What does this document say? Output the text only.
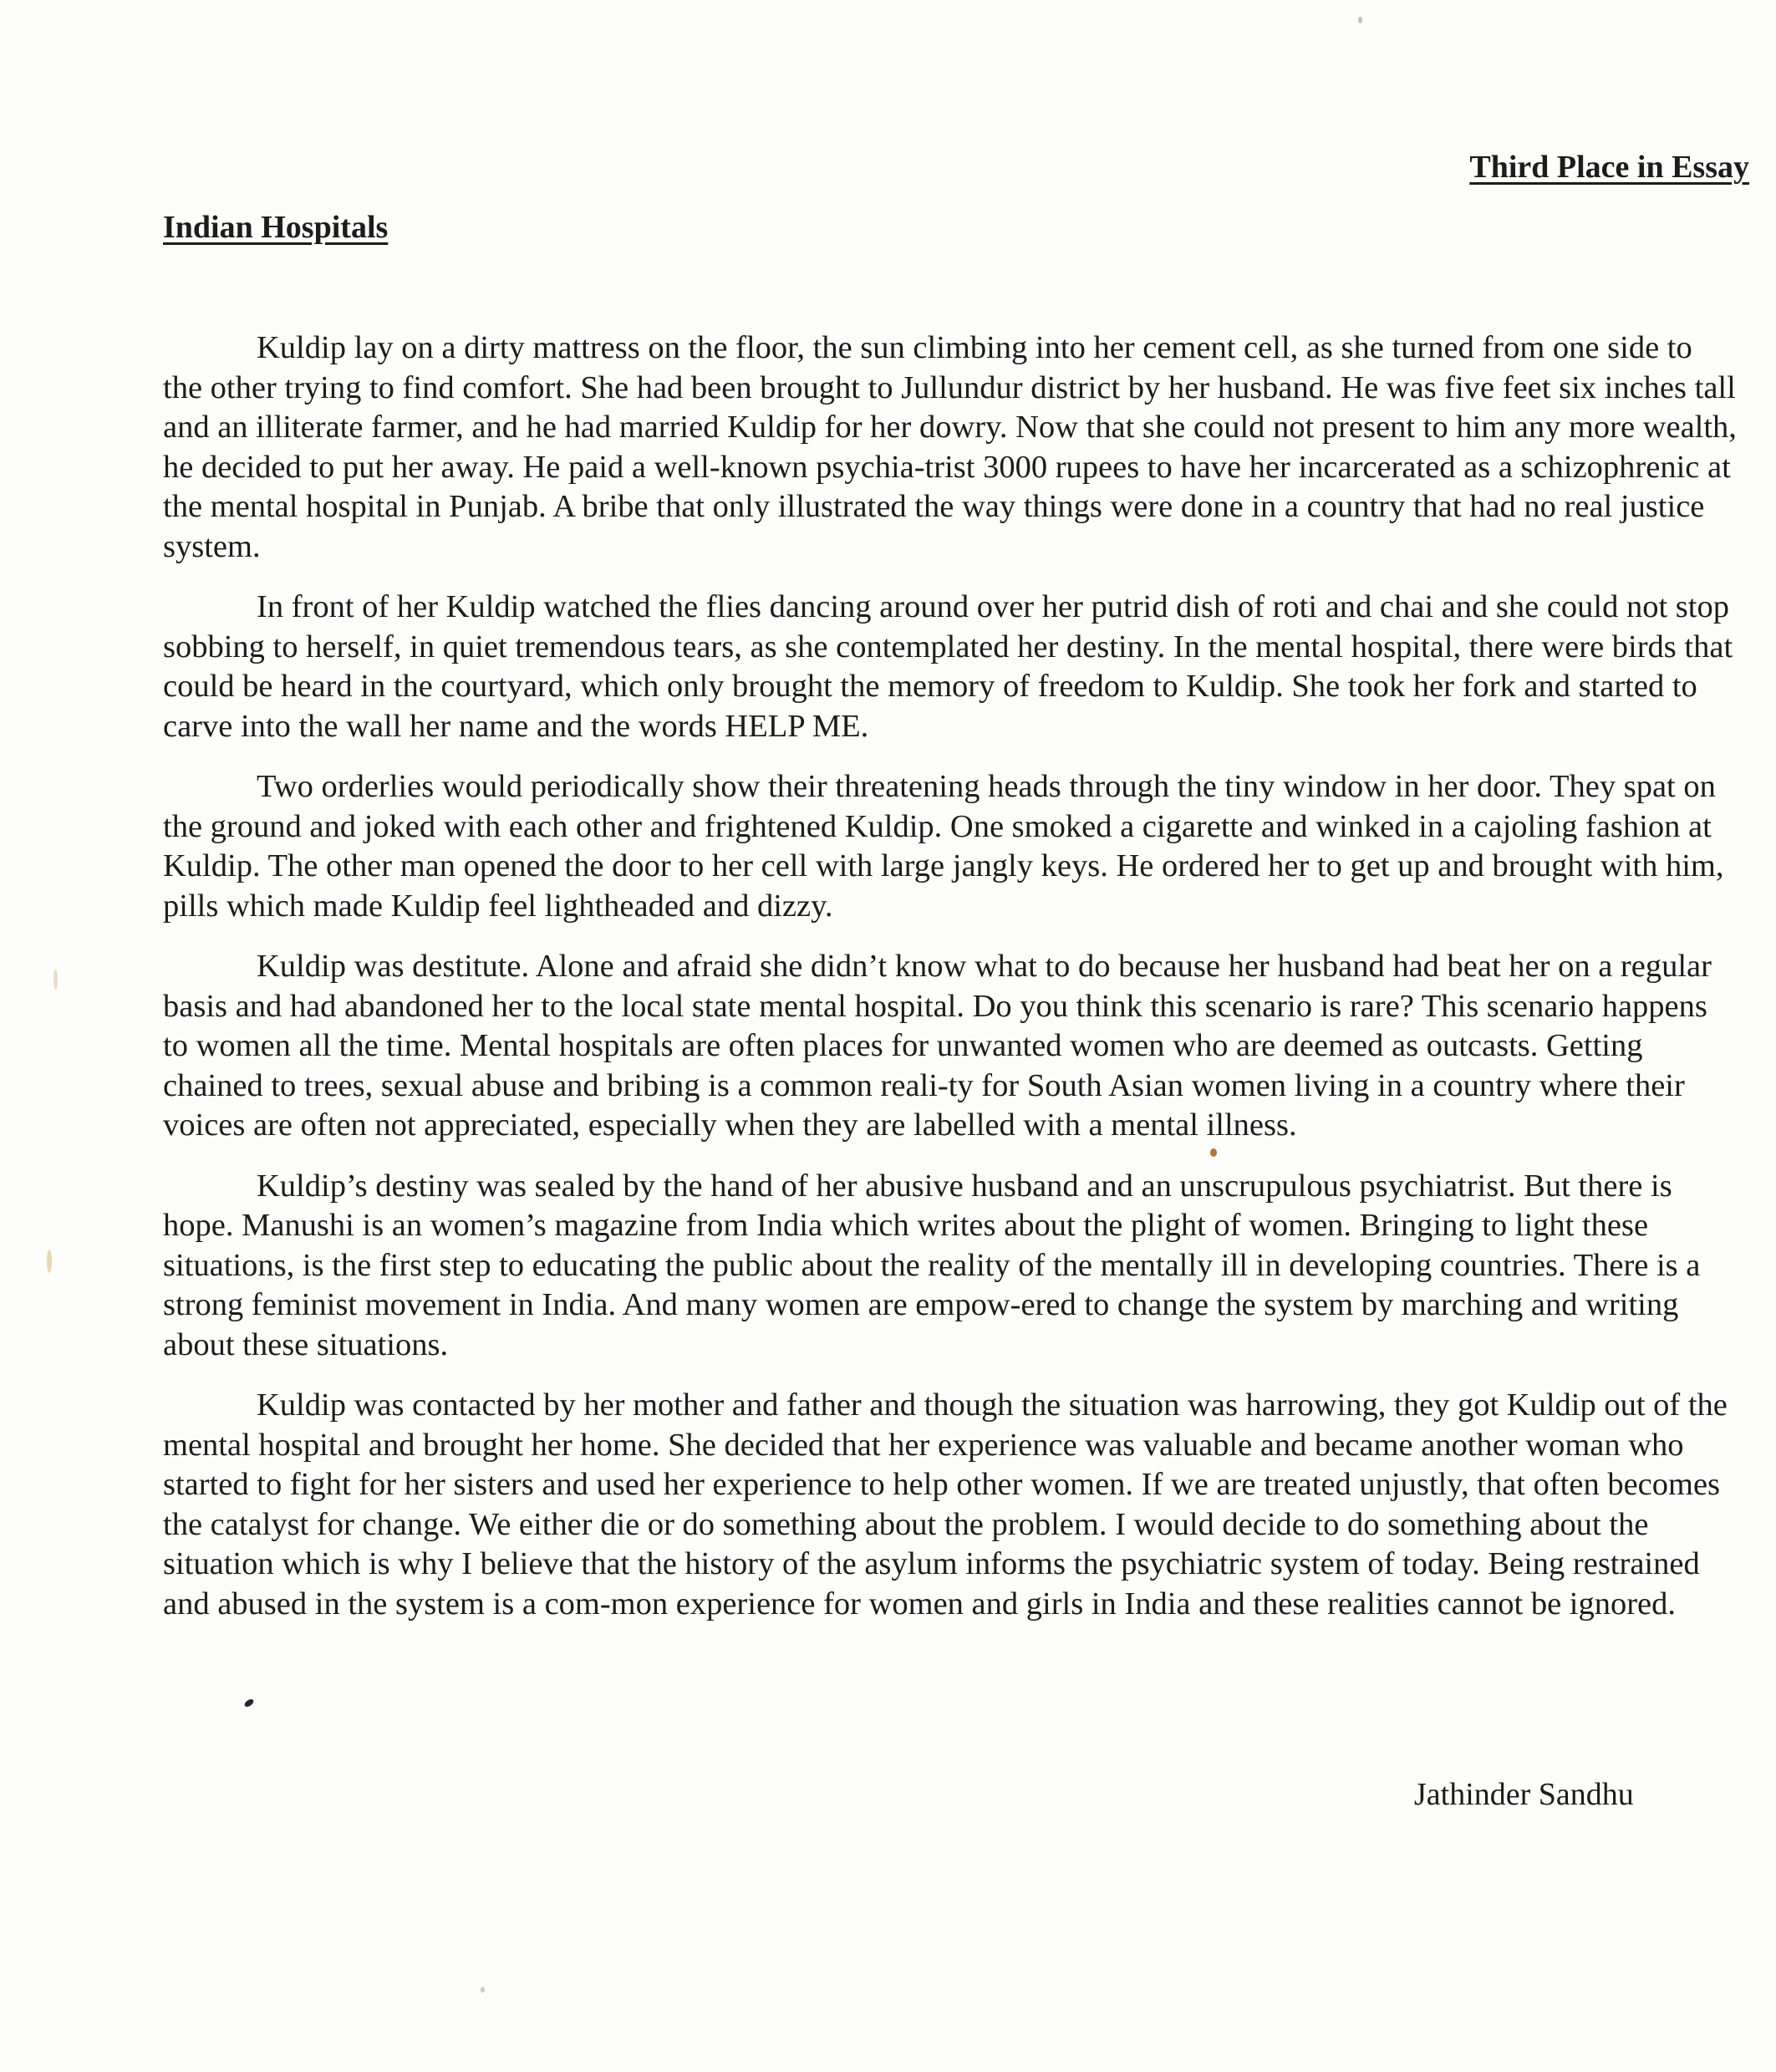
Third Place in Essay
Indian Hospitals

Kuldip lay on a dirty mattress on the floor, the sun climbing into her cement cell, as she turned from one side to the other trying to find comfort. She had been brought to Jullundur district by her husband. He was five feet six inches tall and an illiterate farmer, and he had married Kuldip for her dowry. Now that she could not present to him any more wealth, he decided to put her away. He paid a well-known psychia-trist 3000 rupees to have her incarcerated as a schizophrenic at the mental hospital in Punjab. A bribe that only illustrated the way things were done in a country that had no real justice system.

In front of her Kuldip watched the flies dancing around over her putrid dish of roti and chai and she could not stop sobbing to herself, in quiet tremendous tears, as she contemplated her destiny. In the mental hospital, there were birds that could be heard in the courtyard, which only brought the memory of freedom to Kuldip. She took her fork and started to carve into the wall her name and the words HELP ME.

Two orderlies would periodically show their threatening heads through the tiny window in her door. They spat on the ground and joked with each other and frightened Kuldip. One smoked a cigarette and winked in a cajoling fashion at Kuldip. The other man opened the door to her cell with large jangly keys. He ordered her to get up and brought with him, pills which made Kuldip feel lightheaded and dizzy.

Kuldip was destitute. Alone and afraid she didn’t know what to do because her husband had beat her on a regular basis and had abandoned her to the local state mental hospital. Do you think this scenario is rare? This scenario happens to women all the time. Mental hospitals are often places for unwanted women who are deemed as outcasts. Getting chained to trees, sexual abuse and bribing is a common reali-ty for South Asian women living in a country where their voices are often not appreciated, especially when they are labelled with a mental illness.

Kuldip’s destiny was sealed by the hand of her abusive husband and an unscrupulous psychiatrist. But there is hope. Manushi is an women’s magazine from India which writes about the plight of women. Bringing to light these situations, is the first step to educating the public about the reality of the mentally ill in developing countries. There is a strong feminist movement in India. And many women are empow-ered to change the system by marching and writing about these situations.

Kuldip was contacted by her mother and father and though the situation was harrowing, they got Kuldip out of the mental hospital and brought her home. She decided that her experience was valuable and became another woman who started to fight for her sisters and used her experience to help other women. If we are treated unjustly, that often becomes the catalyst for change. We either die or do something about the problem. I would decide to do something about the situation which is why I believe that the history of the asylum informs the psychiatric system of today. Being restrained and abused in the system is a com-mon experience for women and girls in India and these realities cannot be ignored.

Jathinder Sandhu
